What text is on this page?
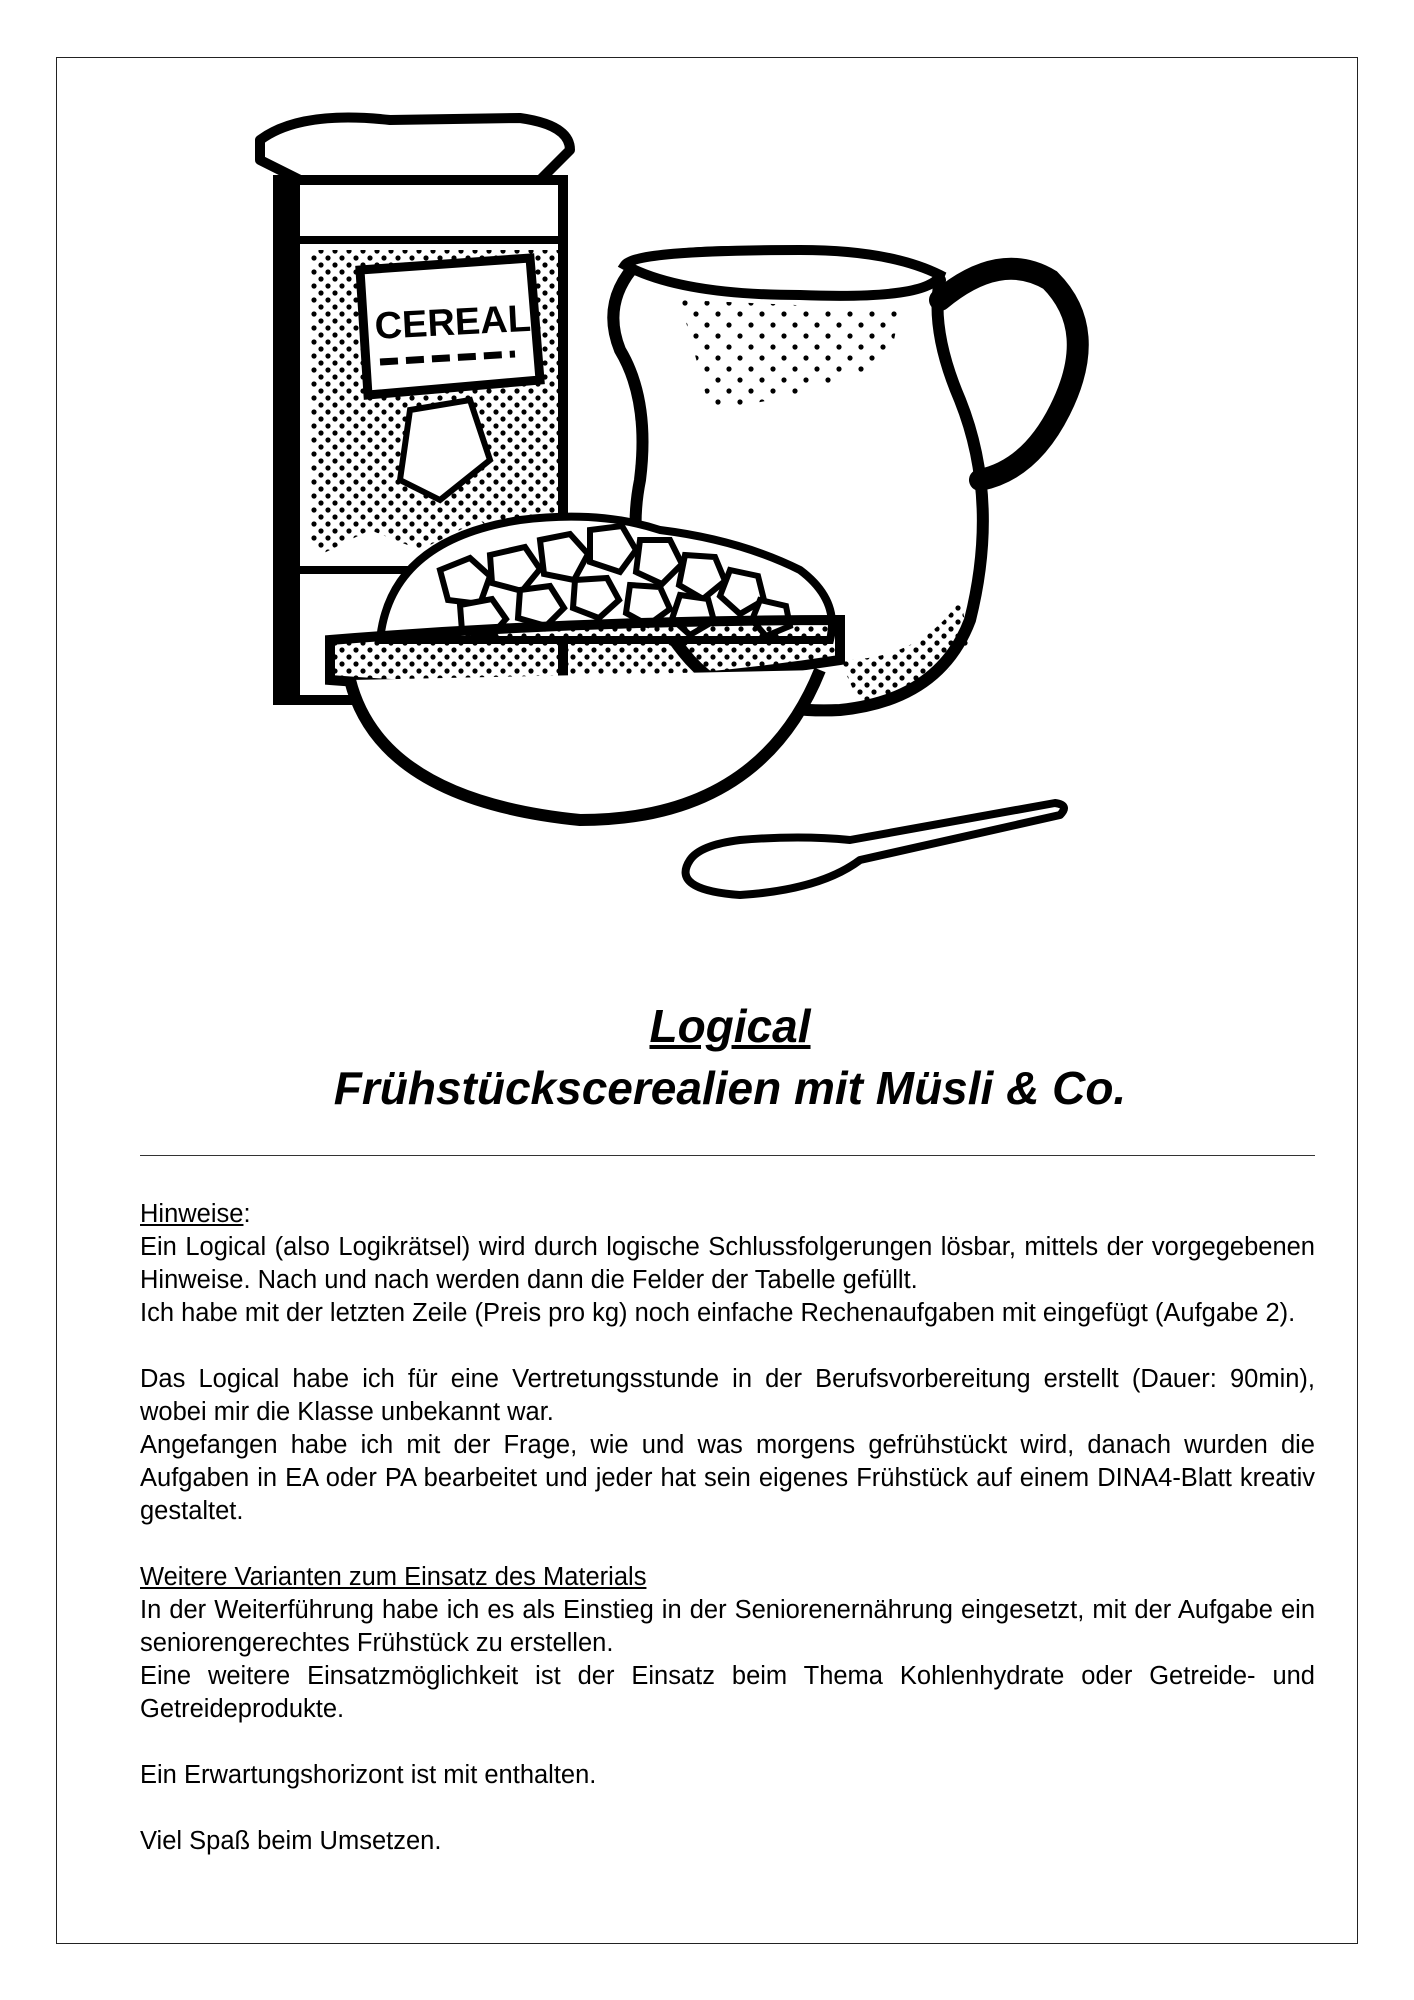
CEREAL
Logical
Frühstückscerealien mit Müsli & Co.

Hinweise:

Ein Logical (also Logikrätsel) wird durch logische Schlussfolgerungen lösbar, mittels der vorgegebenen Hinweise. Nach und nach werden dann die Felder der Tabelle gefüllt.

Ich habe mit der letzten Zeile (Preis pro kg) noch einfache Rechenaufgaben mit eingefügt (Aufgabe 2).

Das Logical habe ich für eine Vertretungsstunde in der Berufsvorbereitung erstellt (Dauer: 90min), wobei mir die Klasse unbekannt war.

Angefangen habe ich mit der Frage, wie und was morgens gefrühstückt wird, danach wurden die Aufgaben in EA oder PA bearbeitet und jeder hat sein eigenes Frühstück auf einem DINA4-Blatt kreativ gestaltet.

Weitere Varianten zum Einsatz des Materials

In der Weiterführung habe ich es als Einstieg in der Seniorenernährung eingesetzt, mit der Aufgabe ein seniorengerechtes Frühstück zu erstellen.

Eine weitere Einsatzmöglichkeit ist der Einsatz beim Thema Kohlenhydrate oder Getreide- und Getreideprodukte.

Ein Erwartungshorizont ist mit enthalten.

Viel Spaß beim Umsetzen.
